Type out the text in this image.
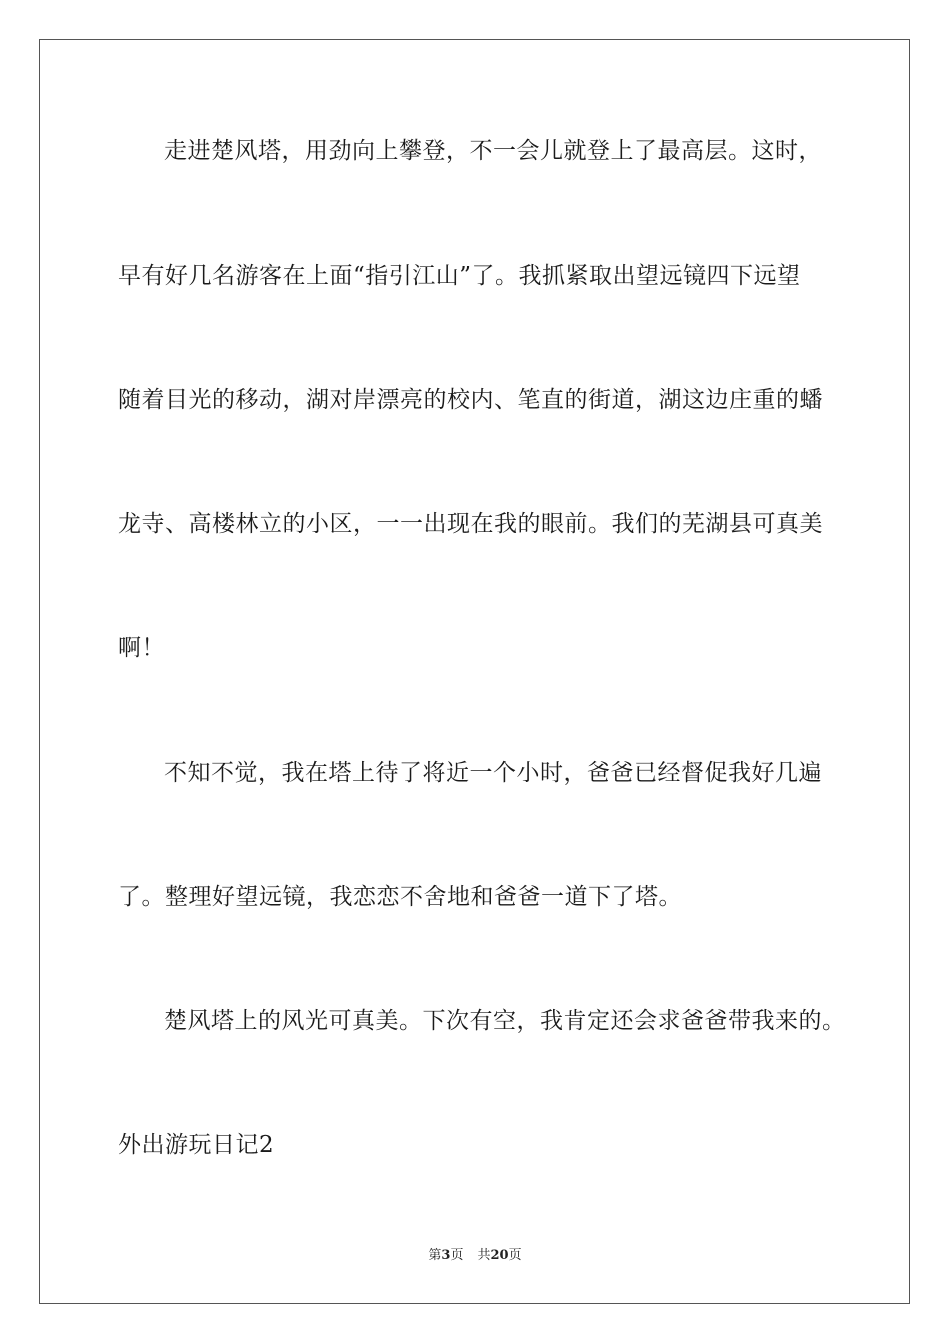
走进楚风塔，用劲向上攀登，不一会儿就登上了最高层。这时，
早有好几名游客在上面“指引江山”了。我抓紧取出望远镜四下远望
随着目光的移动，湖对岸漂亮的校内、笔直的街道，湖这边庄重的蟠
龙寺、高楼林立的小区，一一出现在我的眼前。我们的芜湖县可真美
啊！
不知不觉，我在塔上待了将近一个小时，爸爸已经督促我好几遍
了。整理好望远镜，我恋恋不舍地和爸爸一道下了塔。
楚风塔上的风光可真美。下次有空，我肯定还会求爸爸带我来的。
外出游玩日记2
第3页 共20页
